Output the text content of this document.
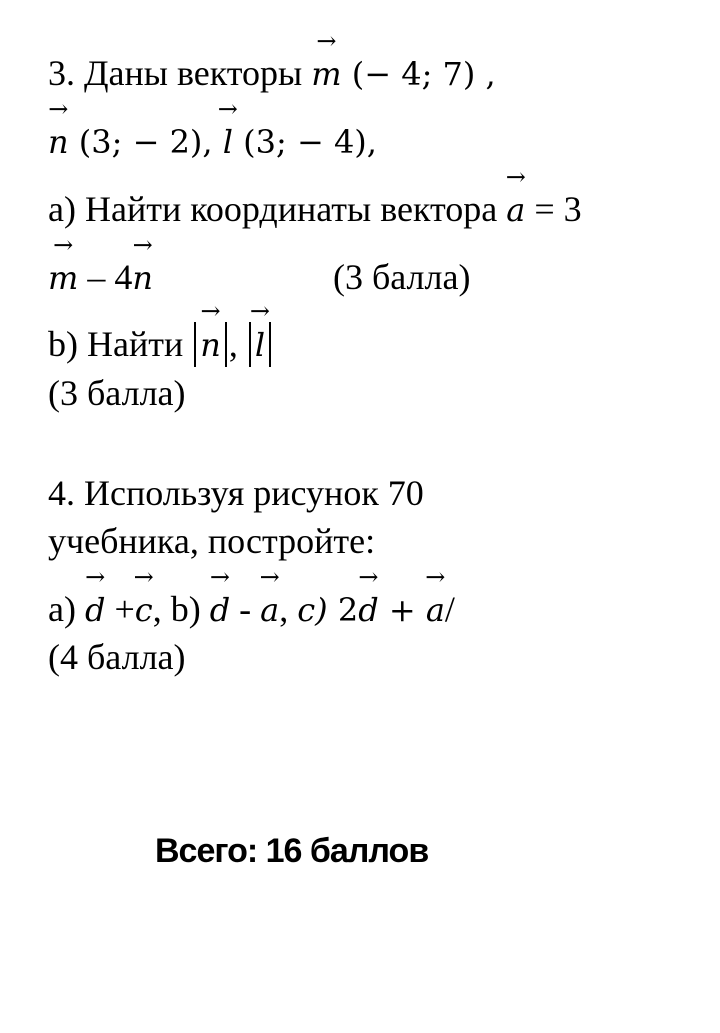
3. Даны векторы → m (− 4; 7) ,
→ n (3; − 2), → l (3; − 4),
а) Найти координаты вектора → a = 3
→ m – 4→ n	(3 балла)
b) Найти → n , → l
(3 балла)
4. Используя рисунок 70
учебника, постройте:
a) → d +→ c, b) → d - → a, c) 2→ d + → a/
(4 балла)
Всего: 16 баллов
